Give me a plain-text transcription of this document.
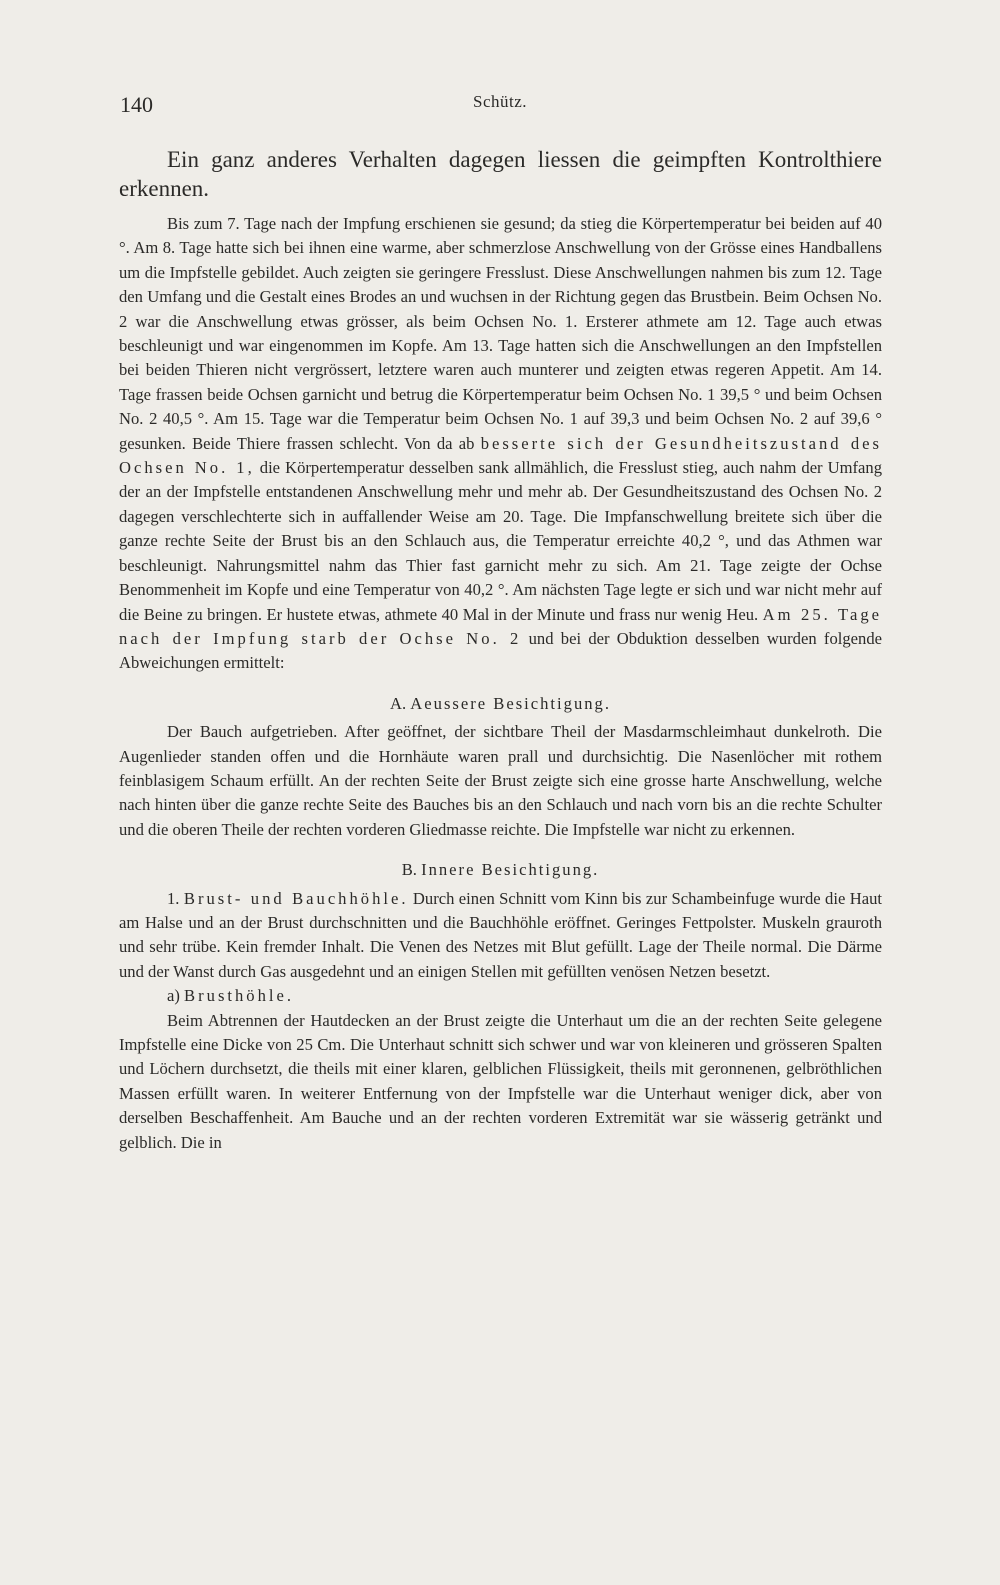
140	Schütz.

Ein ganz anderes Verhalten dagegen liessen die geimpften Kontrolthiere erkennen.

Bis zum 7. Tage nach der Impfung erschienen sie gesund; da stieg die Körpertemperatur bei beiden auf 40 °. Am 8. Tage hatte sich bei ihnen eine warme, aber schmerzlose Anschwellung von der Grösse eines Handballens um die Impfstelle gebildet. Auch zeigten sie geringere Fresslust. Diese Anschwellungen nahmen bis zum 12. Tage den Umfang und die Gestalt eines Brodes an und wuchsen in der Richtung gegen das Brustbein. Beim Ochsen No. 2 war die Anschwellung etwas grösser, als beim Ochsen No. 1. Ersterer athmete am 12. Tage auch etwas beschleunigt und war eingenommen im Kopfe. Am 13. Tage hatten sich die Anschwellungen an den Impfstellen bei beiden Thieren nicht vergrössert, letztere waren auch munterer und zeigten etwas regeren Appetit. Am 14. Tage frassen beide Ochsen garnicht und betrug die Körpertemperatur beim Ochsen No. 1 39,5 ° und beim Ochsen No. 2 40,5 °. Am 15. Tage war die Temperatur beim Ochsen No. 1 auf 39,3 und beim Ochsen No. 2 auf 39,6 ° gesunken. Beide Thiere frassen schlecht. Von da ab besserte sich der Gesundheitszustand des Ochsen No. 1, die Körpertemperatur desselben sank allmählich, die Fresslust stieg, auch nahm der Umfang der an der Impfstelle entstandenen Anschwellung mehr und mehr ab. Der Gesundheitszustand des Ochsen No. 2 dagegen verschlechterte sich in auffallender Weise am 20. Tage. Die Impfanschwellung breitete sich über die ganze rechte Seite der Brust bis an den Schlauch aus, die Temperatur erreichte 40,2 °, und das Athmen war beschleunigt. Nahrungsmittel nahm das Thier fast garnicht mehr zu sich. Am 21. Tage zeigte der Ochse Benommenheit im Kopfe und eine Temperatur von 40,2 °. Am nächsten Tage legte er sich und war nicht mehr auf die Beine zu bringen. Er hustete etwas, athmete 40 Mal in der Minute und frass nur wenig Heu. Am 25. Tage nach der Impfung starb der Ochse No. 2 und bei der Obduktion desselben wurden folgende Abweichungen ermittelt:

A. Aeussere Besichtigung.

Der Bauch aufgetrieben. After geöffnet, der sichtbare Theil der Masdarmschleimhaut dunkelroth. Die Augenlieder standen offen und die Hornhäute waren prall und durchsichtig. Die Nasenlöcher mit rothem feinblasigem Schaum erfüllt. An der rechten Seite der Brust zeigte sich eine grosse harte Anschwellung, welche nach hinten über die ganze rechte Seite des Bauches bis an den Schlauch und nach vorn bis an die rechte Schulter und die oberen Theile der rechten vorderen Gliedmasse reichte. Die Impfstelle war nicht zu erkennen.

B. Innere Besichtigung.

1. Brust- und Bauchhöhle. Durch einen Schnitt vom Kinn bis zur Schambeinfuge wurde die Haut am Halse und an der Brust durchschnitten und die Bauchhöhle eröffnet. Geringes Fettpolster. Muskeln grauroth und sehr trübe. Kein fremder Inhalt. Die Venen des Netzes mit Blut gefüllt. Lage der Theile normal. Die Därme und der Wanst durch Gas ausgedehnt und an einigen Stellen mit gefüllten venösen Netzen besetzt.

a) Brusthöhle.

Beim Abtrennen der Hautdecken an der Brust zeigte die Unterhaut um die an der rechten Seite gelegene Impfstelle eine Dicke von 25 Cm. Die Unterhaut schnitt sich schwer und war von kleineren und grösseren Spalten und Löchern durchsetzt, die theils mit einer klaren, gelblichen Flüssigkeit, theils mit geronnenen, gelbröthlichen Massen erfüllt waren. In weiterer Entfernung von der Impfstelle war die Unterhaut weniger dick, aber von derselben Beschaffenheit. Am Bauche und an der rechten vorderen Extremität war sie wässerig getränkt und gelblich. Die in
